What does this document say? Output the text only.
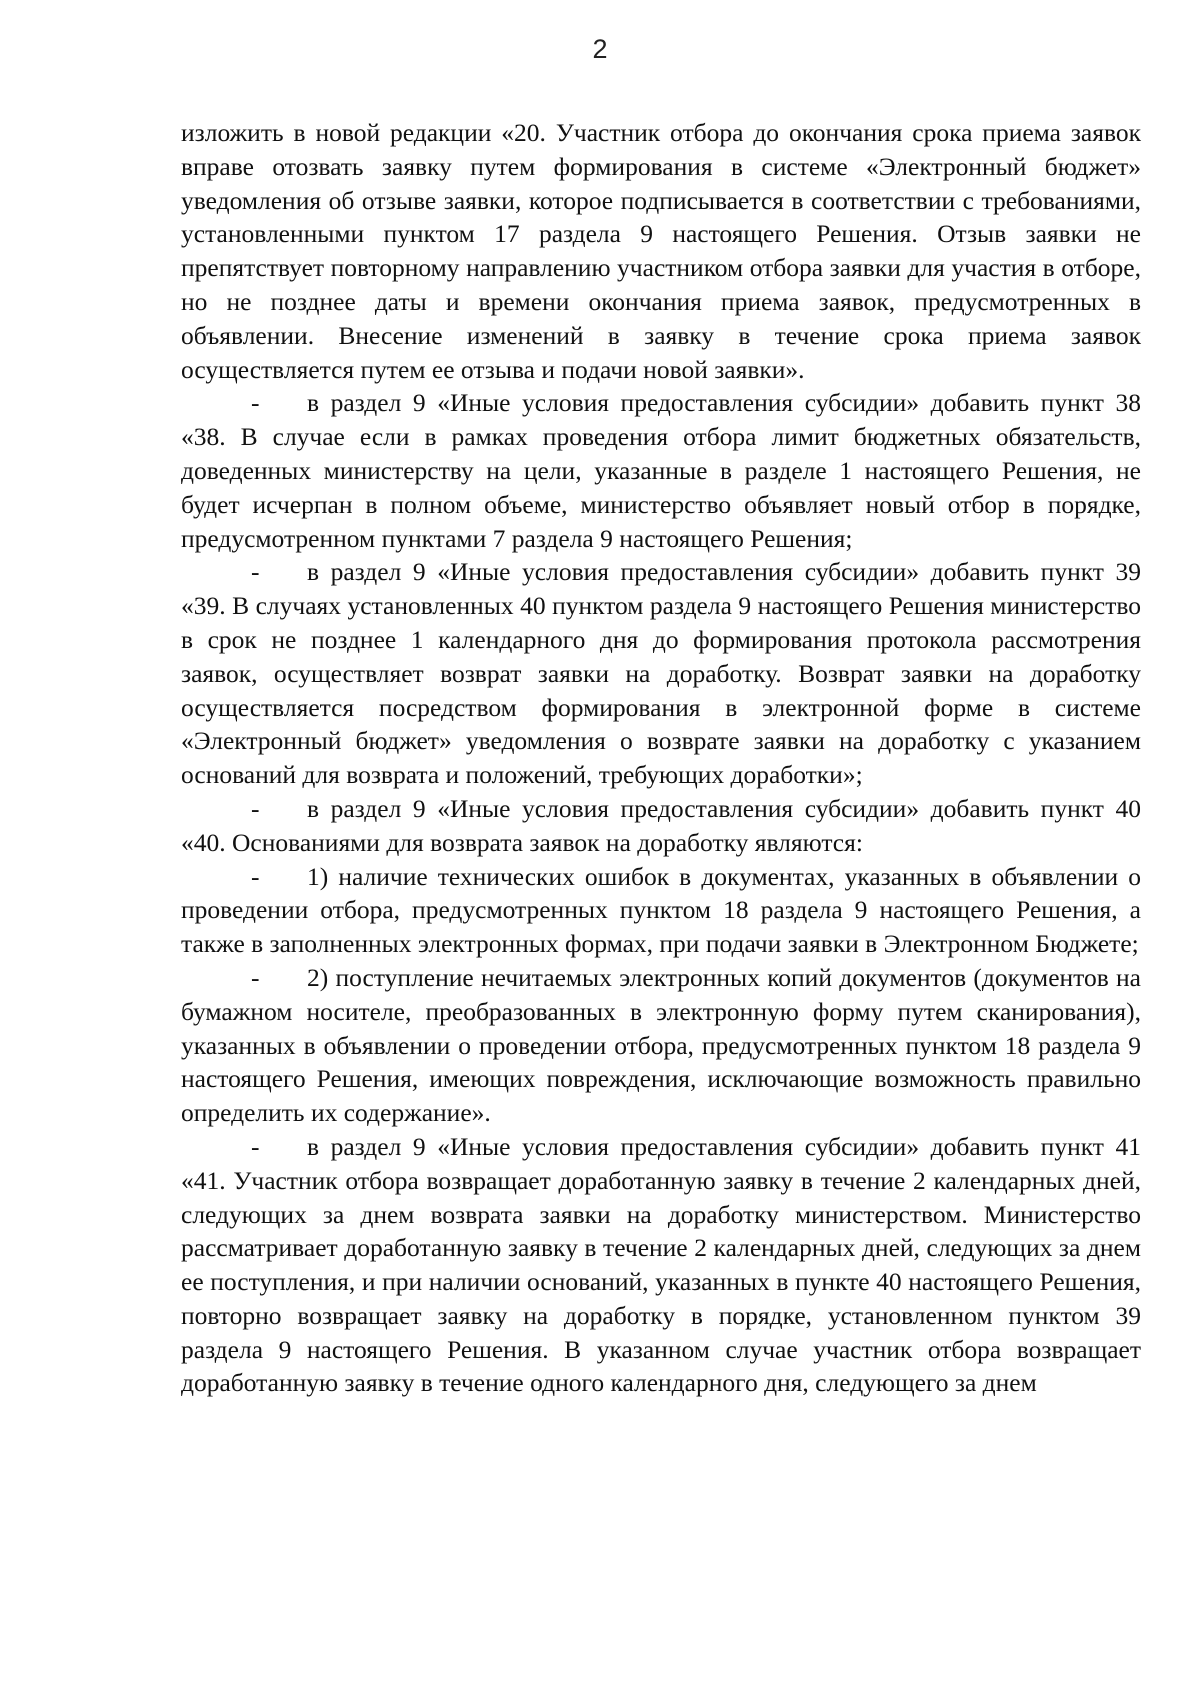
2

изложить в новой редакции «20. Участник отбора до окончания срока приема заявок вправе отозвать заявку путем формирования в системе «Электронный бюджет» уведомления об отзыве заявки, которое подписывается в соответствии с требованиями, установленными пунктом 17 раздела 9 настоящего Решения. Отзыв заявки не препятствует повторному направлению участником отбора заявки для участия в отборе, но не позднее даты и времени окончания приема заявок, предусмотренных в объявлении. Внесение изменений в заявку в течение срока приема заявок осуществляется путем ее отзыва и подачи новой заявки».

- в раздел 9 «Иные условия предоставления субсидии» добавить пункт 38 «38. В случае если в рамках проведения отбора лимит бюджетных обязательств, доведенных министерству на цели, указанные в разделе 1 настоящего Решения, не будет исчерпан в полном объеме, министерство объявляет новый отбор в порядке, предусмотренном пунктами 7 раздела 9 настоящего Решения;

- в раздел 9 «Иные условия предоставления субсидии» добавить пункт 39 «39. В случаях установленных 40 пунктом раздела 9 настоящего Решения министерство в срок не позднее 1 календарного дня до формирования протокола рассмотрения заявок, осуществляет возврат заявки на доработку. Возврат заявки на доработку осуществляется посредством формирования в электронной форме в системе «Электронный бюджет» уведомления о возврате заявки на доработку с указанием оснований для возврата и положений, требующих доработки»;

- в раздел 9 «Иные условия предоставления субсидии» добавить пункт 40 «40. Основаниями для возврата заявок на доработку являются:

- 1) наличие технических ошибок в документах, указанных в объявлении о проведении отбора, предусмотренных пунктом 18 раздела 9 настоящего Решения, а также в заполненных электронных формах, при подачи заявки в Электронном Бюджете;

- 2) поступление нечитаемых электронных копий документов (документов на бумажном носителе, преобразованных в электронную форму путем сканирования), указанных в объявлении о проведении отбора, предусмотренных пунктом 18 раздела 9 настоящего Решения, имеющих повреждения, исключающие возможность правильно определить их содержание».

- в раздел 9 «Иные условия предоставления субсидии» добавить пункт 41 «41. Участник отбора возвращает доработанную заявку в течение 2 календарных дней, следующих за днем возврата заявки на доработку министерством. Министерство рассматривает доработанную заявку в течение 2 календарных дней, следующих за днем ее поступления, и при наличии оснований, указанных в пункте 40 настоящего Решения, повторно возвращает заявку на доработку в порядке, установленном пунктом 39 раздела 9 настоящего Решения. В указанном случае участник отбора возвращает доработанную заявку в течение одного календарного дня, следующего за днем
